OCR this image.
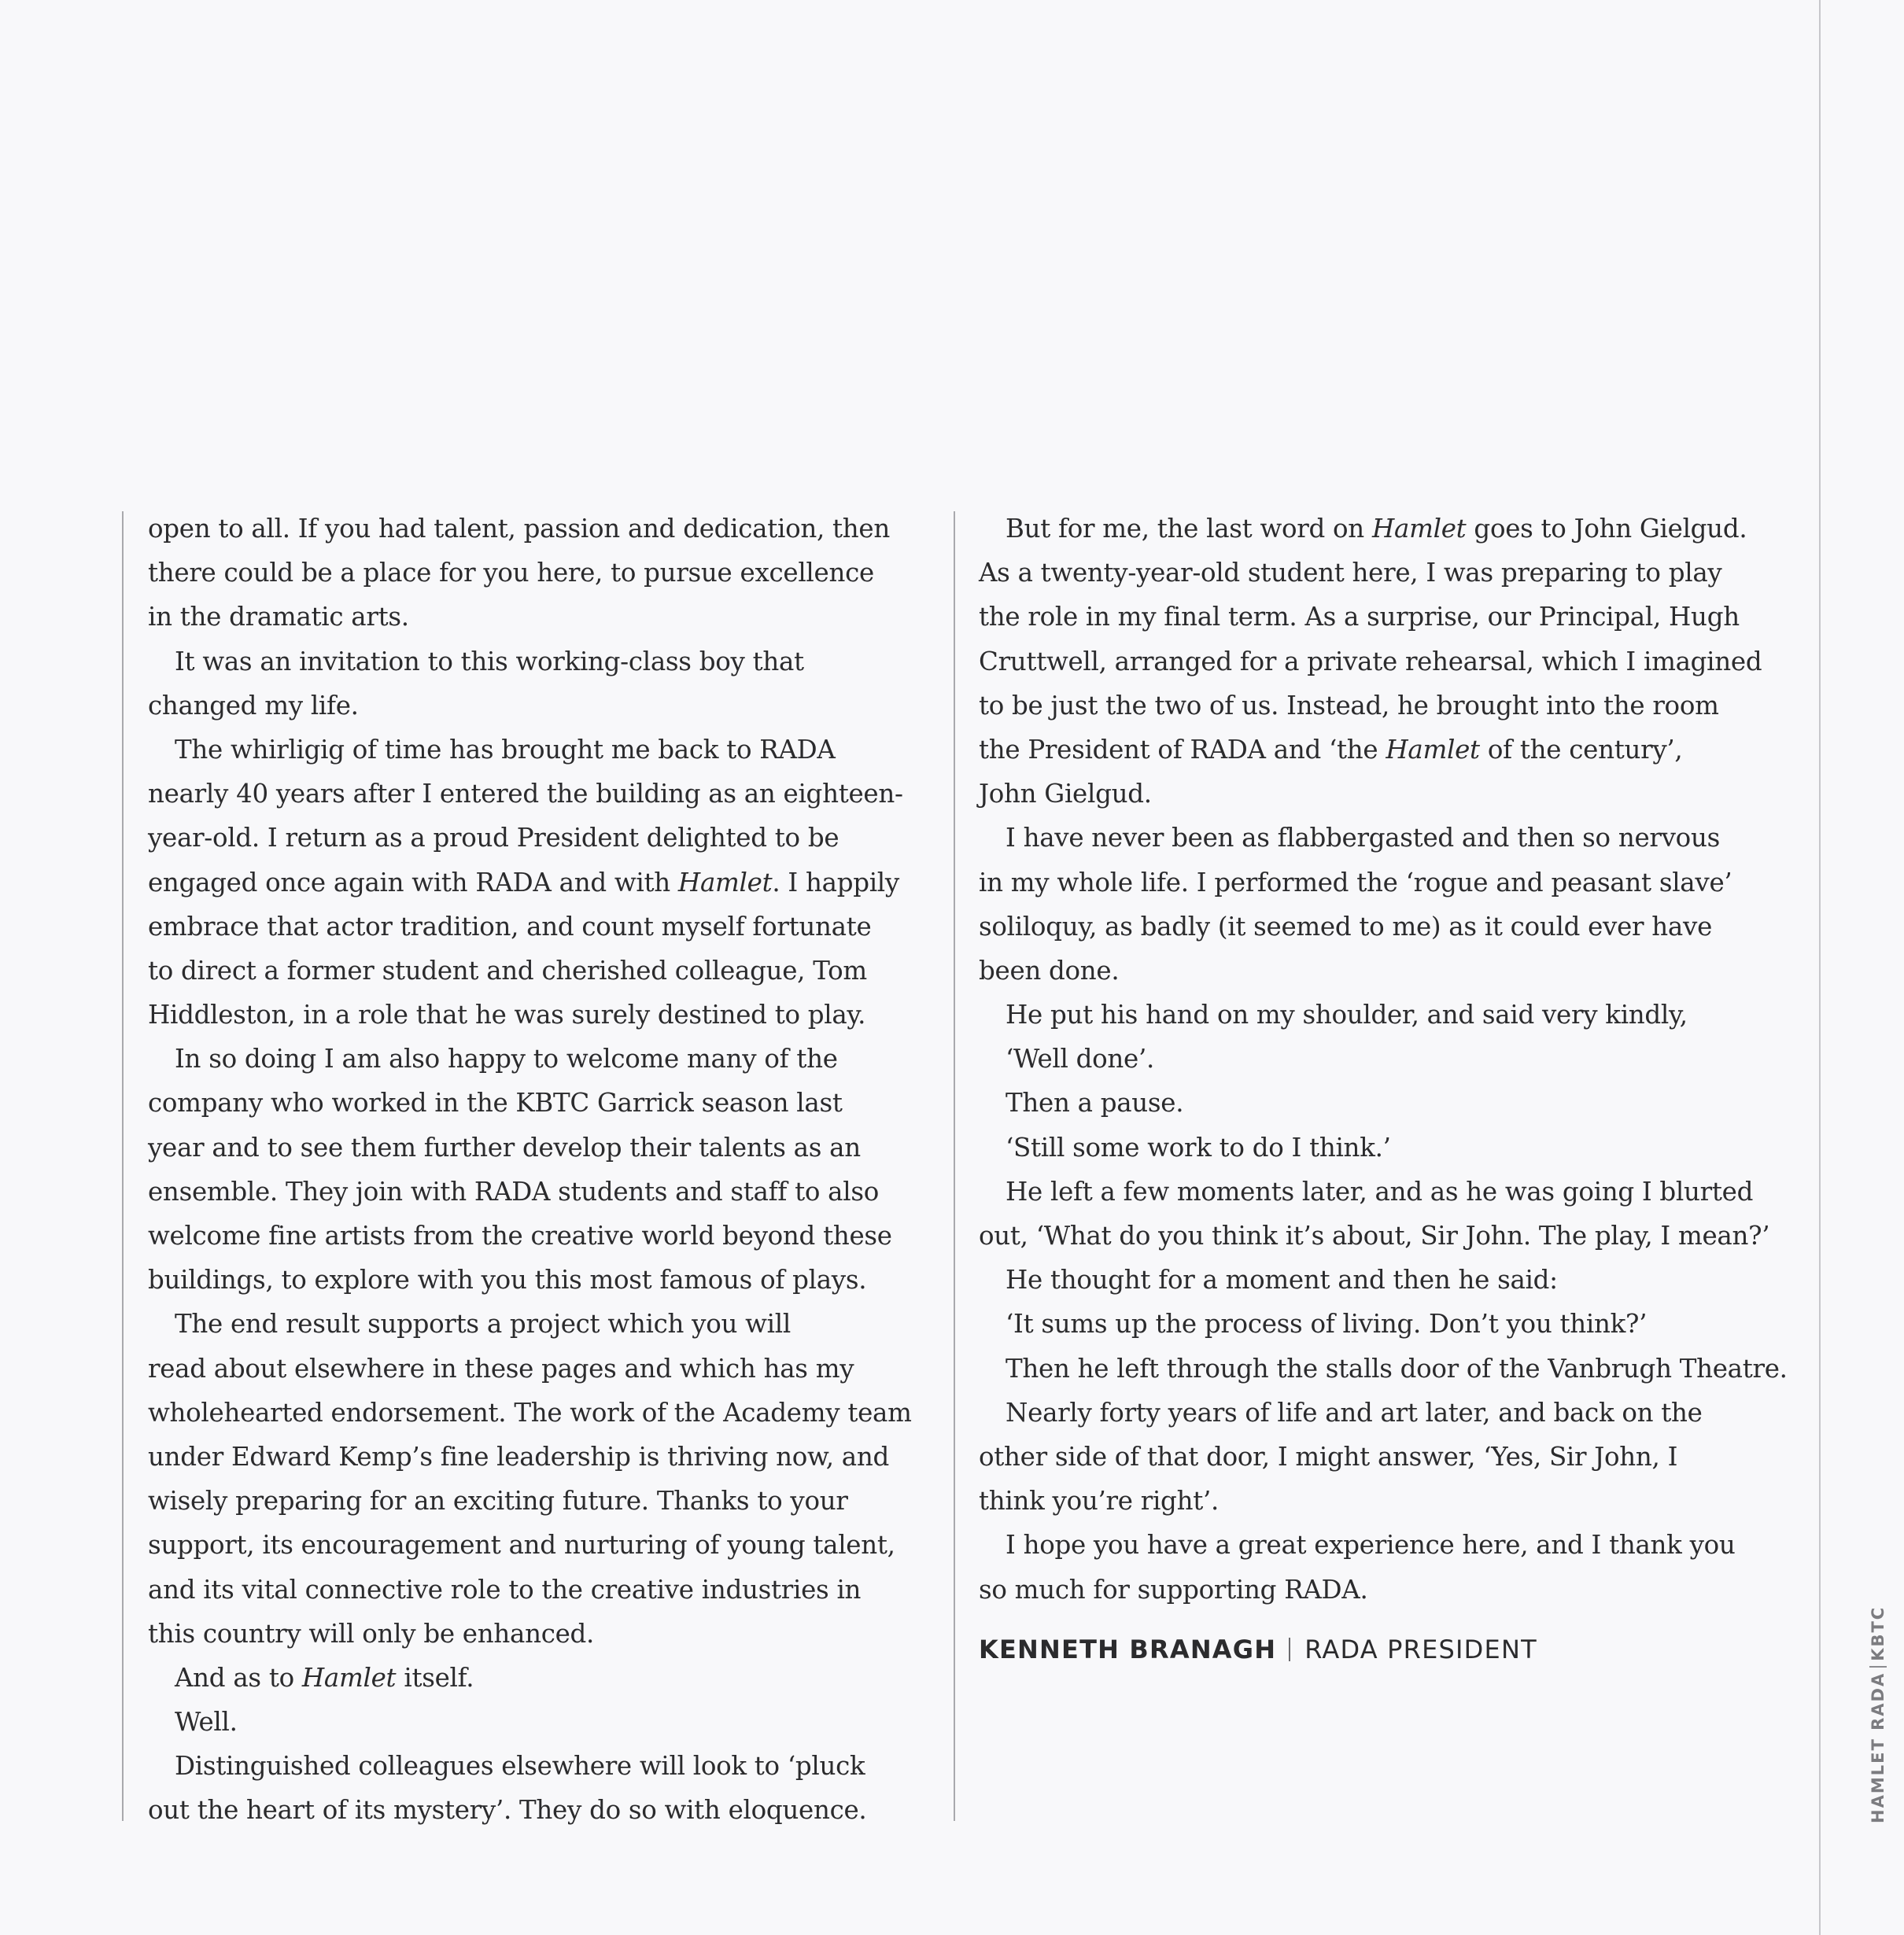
open to all. If you had talent, passion and dedication, then
there could be a place for you here, to pursue excellence
in the dramatic arts.
It was an invitation to this working-class boy that
changed my life.
The whirligig of time has brought me back to RADA
nearly 40 years after I entered the building as an eighteen-
year-old. I return as a proud President delighted to be
engaged once again with RADA and with Hamlet. I happily
embrace that actor tradition, and count myself fortunate
to direct a former student and cherished colleague, Tom
Hiddleston, in a role that he was surely destined to play.
In so doing I am also happy to welcome many of the
company who worked in the KBTC Garrick season last
year and to see them further develop their talents as an
ensemble. They join with RADA students and staff to also
welcome fine artists from the creative world beyond these
buildings, to explore with you this most famous of plays.
The end result supports a project which you will
read about elsewhere in these pages and which has my
wholehearted endorsement. The work of the Academy team
under Edward Kemp’s fine leadership is thriving now, and
wisely preparing for an exciting future. Thanks to your
support, its encouragement and nurturing of young talent,
and its vital connective role to the creative industries in
this country will only be enhanced.
And as to Hamlet itself.
Well.
Distinguished colleagues elsewhere will look to ‘pluck
out the heart of its mystery’. They do so with eloquence.
But for me, the last word on Hamlet goes to John Gielgud.
As a twenty-year-old student here, I was preparing to play
the role in my final term. As a surprise, our Principal, Hugh
Cruttwell, arranged for a private rehearsal, which I imagined
to be just the two of us. Instead, he brought into the room
the President of RADA and ‘the Hamlet of the century’,
John Gielgud.
I have never been as flabbergasted and then so nervous
in my whole life. I performed the ‘rogue and peasant slave’
soliloquy, as badly (it seemed to me) as it could ever have
been done.
He put his hand on my shoulder, and said very kindly,
‘Well done’.
Then a pause.
‘Still some work to do I think.’
He left a few moments later, and as he was going I blurted
out, ‘What do you think it’s about, Sir John. The play, I mean?’
He thought for a moment and then he said:
‘It sums up the process of living. Don’t you think?’
Then he left through the stalls door of the Vanbrugh Theatre.
Nearly forty years of life and art later, and back on the
other side of that door, I might answer, ‘Yes, Sir John, I
think you’re right’.
I hope you have a great experience here, and I thank you
so much for supporting RADA.
KENNETH BRANAGH RADA PRESIDENT
HAMLET RADAKBTC
